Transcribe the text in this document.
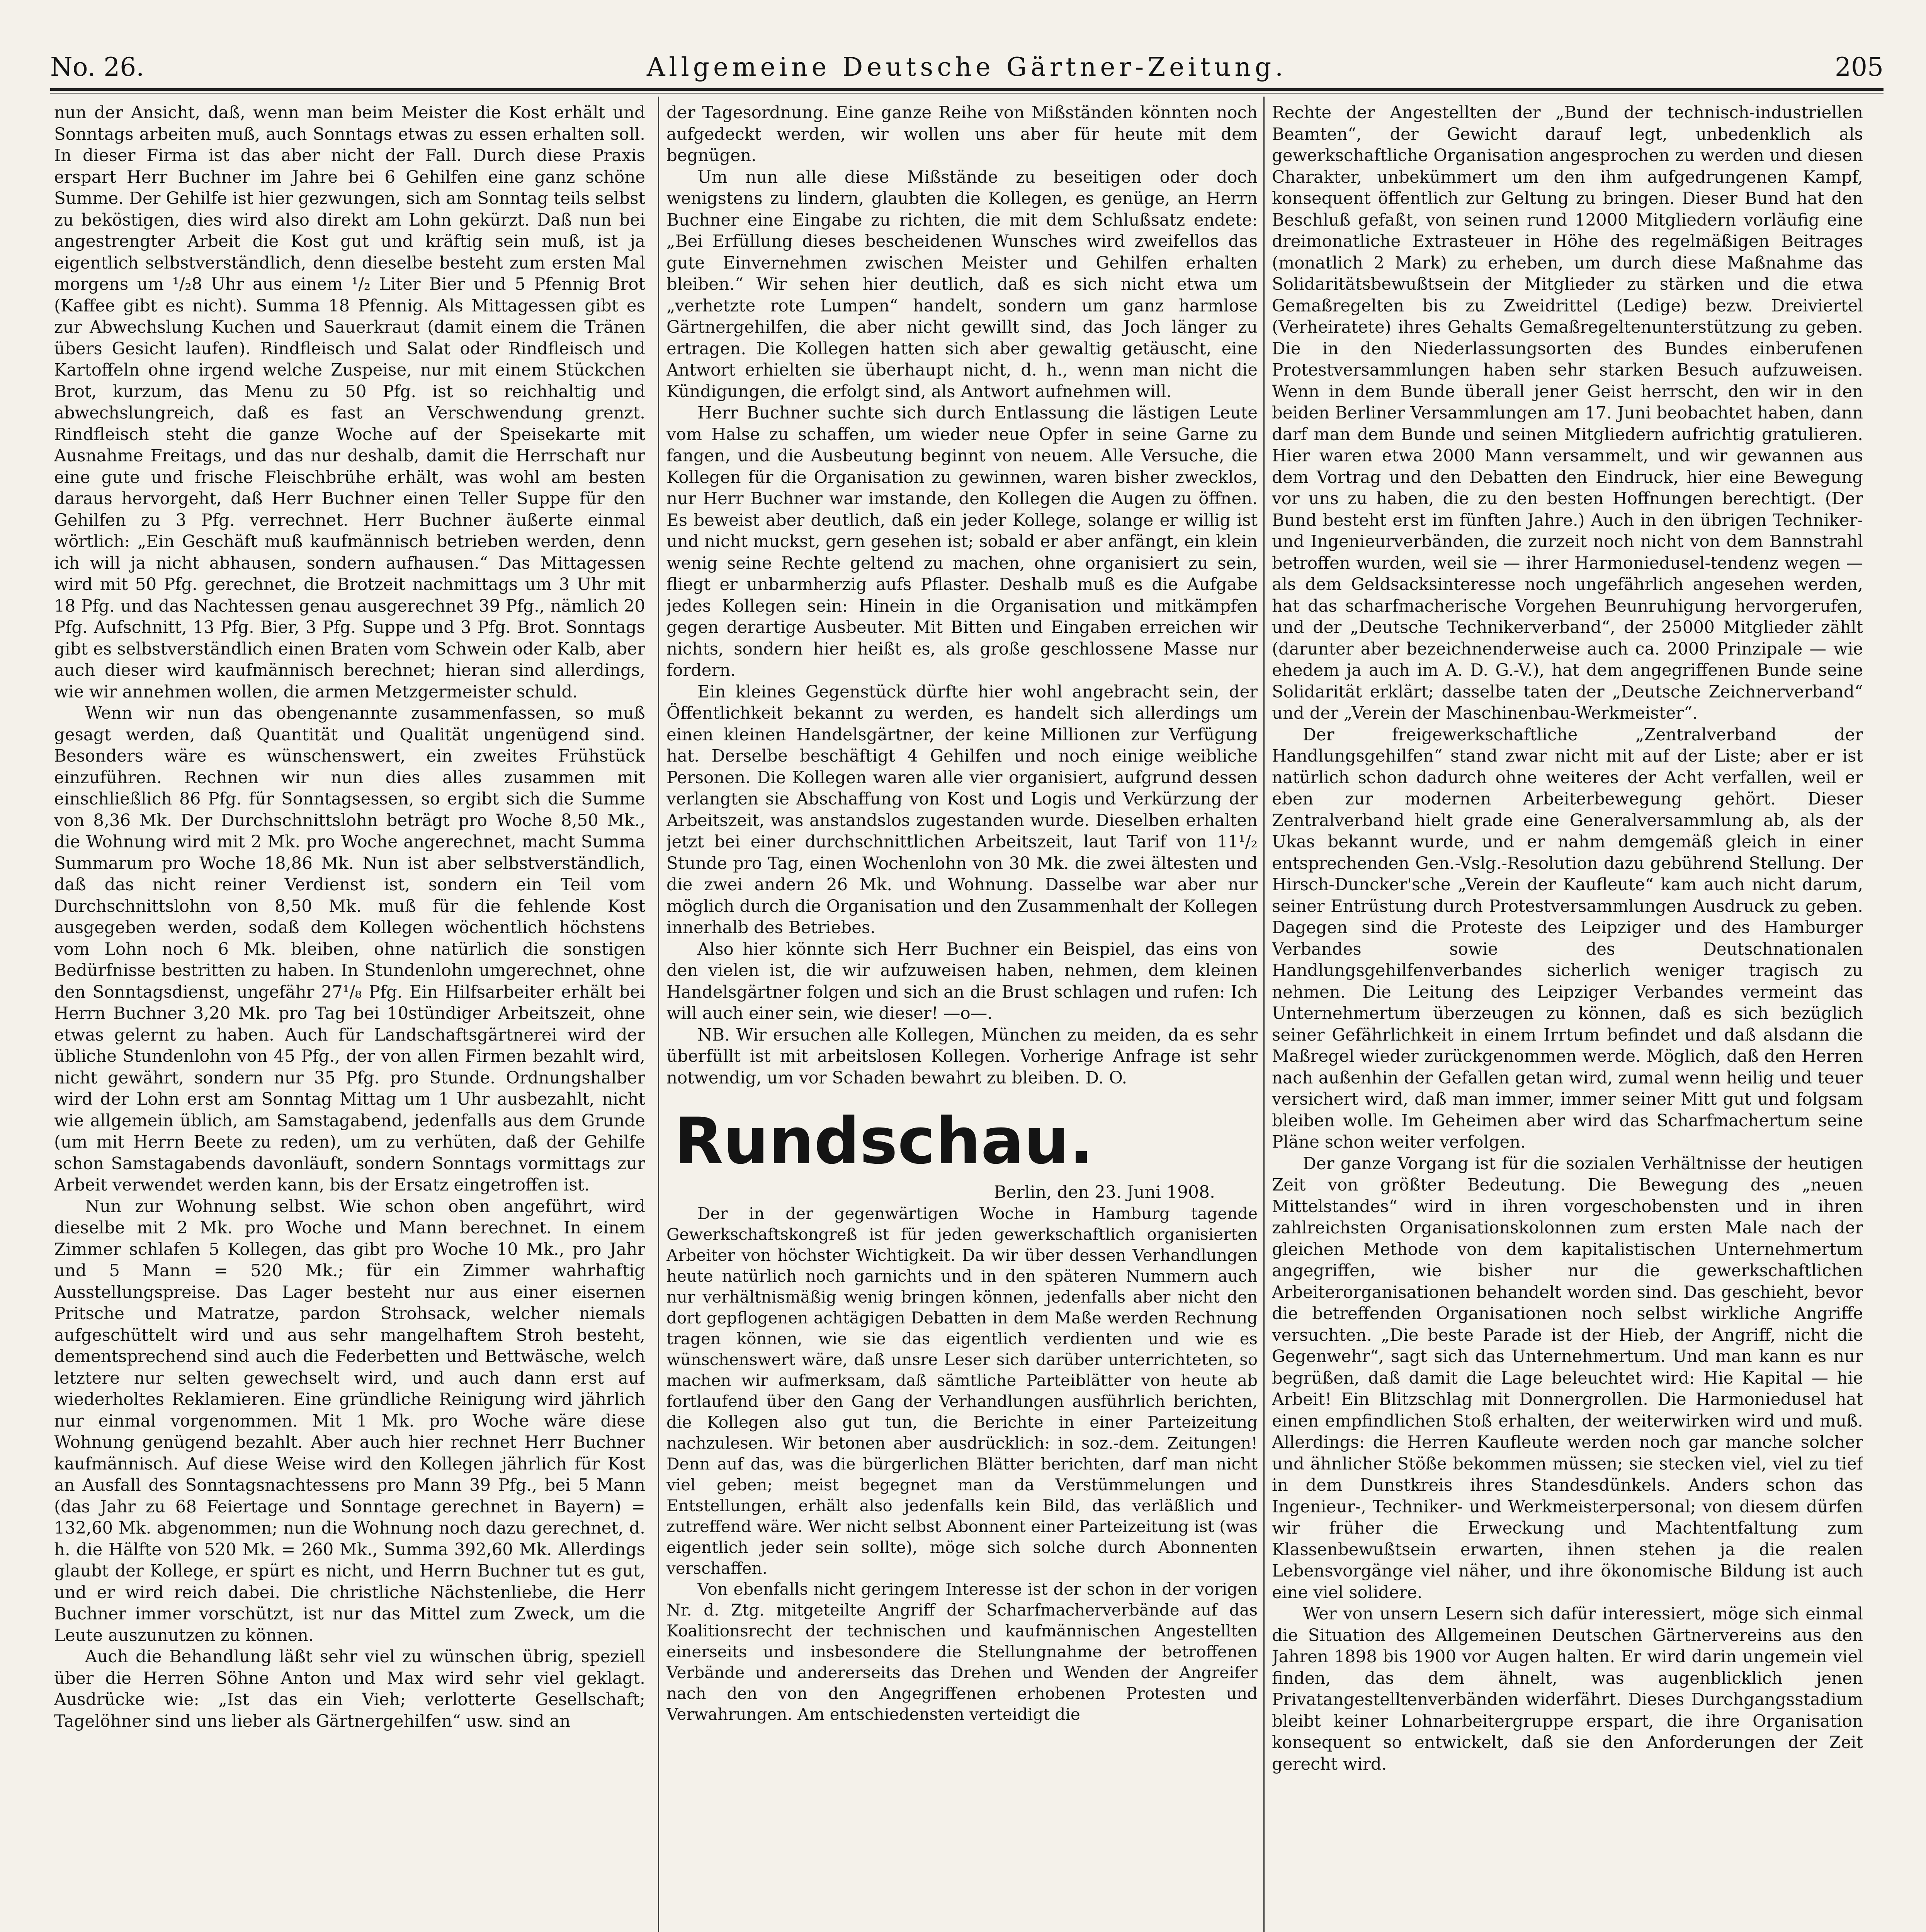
No. 26.	Allgemeine Deutsche Gärtner-Zeitung.	205

nun der Ansicht, daß, wenn man beim Meister die Kost erhält und Sonntags arbeiten muß, auch Sonntags etwas zu essen erhalten soll. In dieser Firma ist das aber nicht der Fall. Durch diese Praxis erspart Herr Buchner im Jahre bei 6 Gehilfen eine ganz schöne Summe. Der Gehilfe ist hier gezwungen, sich am Sonntag teils selbst zu beköstigen, dies wird also direkt am Lohn gekürzt. Daß nun bei angestrengter Arbeit die Kost gut und kräftig sein muß, ist ja eigentlich selbstverständlich, denn dieselbe besteht zum ersten Mal morgens um ¹/₂8 Uhr aus einem ¹/₂ Liter Bier und 5 Pfennig Brot (Kaffee gibt es nicht). Summa 18 Pfennig. Als Mittagessen gibt es zur Abwechslung Kuchen und Sauerkraut (damit einem die Tränen übers Gesicht laufen). Rindfleisch und Salat oder Rindfleisch und Kartoffeln ohne irgend welche Zuspeise, nur mit einem Stückchen Brot, kurzum, das Menu zu 50 Pfg. ist so reichhaltig und abwechslungreich, daß es fast an Verschwendung grenzt. Rindfleisch steht die ganze Woche auf der Speisekarte mit Ausnahme Freitags, und das nur deshalb, damit die Herrschaft nur eine gute und frische Fleischbrühe erhält, was wohl am besten daraus hervorgeht, daß Herr Buchner einen Teller Suppe für den Gehilfen zu 3 Pfg. verrechnet. Herr Buchner äußerte einmal wörtlich: „Ein Geschäft muß kaufmännisch betrieben werden, denn ich will ja nicht abhausen, sondern aufhausen.“ Das Mittagessen wird mit 50 Pfg. gerechnet, die Brotzeit nachmittags um 3 Uhr mit 18 Pfg. und das Nachtessen genau ausgerechnet 39 Pfg., nämlich 20 Pfg. Aufschnitt, 13 Pfg. Bier, 3 Pfg. Suppe und 3 Pfg. Brot. Sonntags gibt es selbstverständlich einen Braten vom Schwein oder Kalb, aber auch dieser wird kaufmännisch berechnet; hieran sind allerdings, wie wir annehmen wollen, die armen Metzgermeister schuld.

Wenn wir nun das obengenannte zusammenfassen, so muß gesagt werden, daß Quantität und Qualität ungenügend sind. Besonders wäre es wünschenswert, ein zweites Frühstück einzuführen. Rechnen wir nun dies alles zusammen mit einschließlich 86 Pfg. für Sonntagsessen, so ergibt sich die Summe von 8,36 Mk. Der Durchschnittslohn beträgt pro Woche 8,50 Mk., die Wohnung wird mit 2 Mk. pro Woche angerechnet, macht Summa Summarum pro Woche 18,86 Mk. Nun ist aber selbstverständlich, daß das nicht reiner Verdienst ist, sondern ein Teil vom Durchschnittslohn von 8,50 Mk. muß für die fehlende Kost ausgegeben werden, sodaß dem Kollegen wöchentlich höchstens vom Lohn noch 6 Mk. bleiben, ohne natürlich die sonstigen Bedürfnisse bestritten zu haben. In Stundenlohn umgerechnet, ohne den Sonntagsdienst, ungefähr 27¹/₈ Pfg. Ein Hilfsarbeiter erhält bei Herrn Buchner 3,20 Mk. pro Tag bei 10stündiger Arbeitszeit, ohne etwas gelernt zu haben. Auch für Landschaftsgärtnerei wird der übliche Stundenlohn von 45 Pfg., der von allen Firmen bezahlt wird, nicht gewährt, sondern nur 35 Pfg. pro Stunde. Ordnungshalber wird der Lohn erst am Sonntag Mittag um 1 Uhr ausbezahlt, nicht wie allgemein üblich, am Samstagabend, jedenfalls aus dem Grunde (um mit Herrn Beete zu reden), um zu verhüten, daß der Gehilfe schon Samstagabends davonläuft, sondern Sonntags vormittags zur Arbeit verwendet werden kann, bis der Ersatz eingetroffen ist.

Nun zur Wohnung selbst. Wie schon oben angeführt, wird dieselbe mit 2 Mk. pro Woche und Mann berechnet. In einem Zimmer schlafen 5 Kollegen, das gibt pro Woche 10 Mk., pro Jahr und 5 Mann = 520 Mk.; für ein Zimmer wahrhaftig Ausstellungspreise. Das Lager besteht nur aus einer eisernen Pritsche und Matratze, pardon Strohsack, welcher niemals aufgeschüttelt wird und aus sehr mangelhaftem Stroh besteht, dementsprechend sind auch die Federbetten und Bettwäsche, welch letztere nur selten gewechselt wird, und auch dann erst auf wiederholtes Reklamieren. Eine gründliche Reinigung wird jährlich nur einmal vorgenommen. Mit 1 Mk. pro Woche wäre diese Wohnung genügend bezahlt. Aber auch hier rechnet Herr Buchner kaufmännisch. Auf diese Weise wird den Kollegen jährlich für Kost an Ausfall des Sonntagsnachtessens pro Mann 39 Pfg., bei 5 Mann (das Jahr zu 68 Feiertage und Sonntage gerechnet in Bayern) = 132,60 Mk. abgenommen; nun die Wohnung noch dazu gerechnet, d. h. die Hälfte von 520 Mk. = 260 Mk., Summa 392,60 Mk. Allerdings glaubt der Kollege, er spürt es nicht, und Herrn Buchner tut es gut, und er wird reich dabei. Die christliche Nächstenliebe, die Herr Buchner immer vorschützt, ist nur das Mittel zum Zweck, um die Leute auszunutzen zu können.

Auch die Behandlung läßt sehr viel zu wünschen übrig, speziell über die Herren Söhne Anton und Max wird sehr viel geklagt. Ausdrücke wie: „Ist das ein Vieh; verlotterte Gesellschaft; Tagelöhner sind uns lieber als Gärtnergehilfen“ usw. sind an

der Tagesordnung. Eine ganze Reihe von Mißständen könnten noch aufgedeckt werden, wir wollen uns aber für heute mit dem begnügen.

Um nun alle diese Mißstände zu beseitigen oder doch wenigstens zu lindern, glaubten die Kollegen, es genüge, an Herrn Buchner eine Eingabe zu richten, die mit dem Schlußsatz endete: „Bei Erfüllung dieses bescheidenen Wunsches wird zweifellos das gute Einvernehmen zwischen Meister und Gehilfen erhalten bleiben.“ Wir sehen hier deutlich, daß es sich nicht etwa um „verhetzte rote Lumpen“ handelt, sondern um ganz harmlose Gärtnergehilfen, die aber nicht gewillt sind, das Joch länger zu ertragen. Die Kollegen hatten sich aber gewaltig getäuscht, eine Antwort erhielten sie überhaupt nicht, d. h., wenn man nicht die Kündigungen, die erfolgt sind, als Antwort aufnehmen will.

Herr Buchner suchte sich durch Entlassung die lästigen Leute vom Halse zu schaffen, um wieder neue Opfer in seine Garne zu fangen, und die Ausbeutung beginnt von neuem. Alle Versuche, die Kollegen für die Organisation zu gewinnen, waren bisher zwecklos, nur Herr Buchner war imstande, den Kollegen die Augen zu öffnen. Es beweist aber deutlich, daß ein jeder Kollege, solange er willig ist und nicht muckst, gern gesehen ist; sobald er aber anfängt, ein klein wenig seine Rechte geltend zu machen, ohne organisiert zu sein, fliegt er unbarmherzig aufs Pflaster. Deshalb muß es die Aufgabe jedes Kollegen sein: Hinein in die Organisation und mitkämpfen gegen derartige Ausbeuter. Mit Bitten und Eingaben erreichen wir nichts, sondern hier heißt es, als große geschlossene Masse nur fordern.

Ein kleines Gegenstück dürfte hier wohl angebracht sein, der Öffentlichkeit bekannt zu werden, es handelt sich allerdings um einen kleinen Handelsgärtner, der keine Millionen zur Verfügung hat. Derselbe beschäftigt 4 Gehilfen und noch einige weibliche Personen. Die Kollegen waren alle vier organisiert, aufgrund dessen verlangten sie Abschaffung von Kost und Logis und Verkürzung der Arbeitszeit, was anstandslos zugestanden wurde. Dieselben erhalten jetzt bei einer durchschnittlichen Arbeitszeit, laut Tarif von 11¹/₂ Stunde pro Tag, einen Wochenlohn von 30 Mk. die zwei ältesten und die zwei andern 26 Mk. und Wohnung. Dasselbe war aber nur möglich durch die Organisation und den Zusammenhalt der Kollegen innerhalb des Betriebes.

Also hier könnte sich Herr Buchner ein Beispiel, das eins von den vielen ist, die wir aufzuweisen haben, nehmen, dem kleinen Handelsgärtner folgen und sich an die Brust schlagen und rufen: Ich will auch einer sein, wie dieser! —o—.

NB. Wir ersuchen alle Kollegen, München zu meiden, da es sehr überfüllt ist mit arbeitslosen Kollegen. Vorherige Anfrage ist sehr notwendig, um vor Schaden bewahrt zu bleiben. D. O.

Rundschau.

Berlin, den 23. Juni 1908.

Der in der gegenwärtigen Woche in Hamburg tagende Gewerkschaftskongreß ist für jeden gewerkschaftlich organisierten Arbeiter von höchster Wichtigkeit. Da wir über dessen Verhandlungen heute natürlich noch garnichts und in den späteren Nummern auch nur verhältnismäßig wenig bringen können, jedenfalls aber nicht den dort gepflogenen achtägigen Debatten in dem Maße werden Rechnung tragen können, wie sie das eigentlich verdienten und wie es wünschenswert wäre, daß unsre Leser sich darüber unterrichteten, so machen wir aufmerksam, daß sämtliche Parteiblätter von heute ab fortlaufend über den Gang der Verhandlungen ausführlich berichten, die Kollegen also gut tun, die Berichte in einer Parteizeitung nachzulesen. Wir betonen aber ausdrücklich: in soz.-dem. Zeitungen! Denn auf das, was die bürgerlichen Blätter berichten, darf man nicht viel geben; meist begegnet man da Verstümmelungen und Entstellungen, erhält also jedenfalls kein Bild, das verläßlich und zutreffend wäre. Wer nicht selbst Abonnent einer Parteizeitung ist (was eigentlich jeder sein sollte), möge sich solche durch Abonnenten verschaffen.

Von ebenfalls nicht geringem Interesse ist der schon in der vorigen Nr. d. Ztg. mitgeteilte Angriff der Scharfmacherverbände auf das Koalitionsrecht der technischen und kaufmännischen Angestellten einerseits und insbesondere die Stellungnahme der betroffenen Verbände und andererseits das Drehen und Wenden der Angreifer nach den von den Angegriffenen erhobenen Protesten und Verwahrungen. Am entschiedensten verteidigt die

Rechte der Angestellten der „Bund der technisch-industriellen Beamten“, der Gewicht darauf legt, unbedenklich als gewerkschaftliche Organisation angesprochen zu werden und diesen Charakter, unbekümmert um den ihm aufgedrungenen Kampf, konsequent öffentlich zur Geltung zu bringen. Dieser Bund hat den Beschluß gefaßt, von seinen rund 12000 Mitgliedern vorläufig eine dreimonatliche Extrasteuer in Höhe des regelmäßigen Beitrages (monatlich 2 Mark) zu erheben, um durch diese Maßnahme das Solidaritätsbewußtsein der Mitglieder zu stärken und die etwa Gemaßregelten bis zu Zweidrittel (Ledige) bezw. Dreiviertel (Verheiratete) ihres Gehalts Gemaßregeltenunterstützung zu geben. Die in den Niederlassungsorten des Bundes einberufenen Protestversammlungen haben sehr starken Besuch aufzuweisen. Wenn in dem Bunde überall jener Geist herrscht, den wir in den beiden Berliner Versammlungen am 17. Juni beobachtet haben, dann darf man dem Bunde und seinen Mitgliedern aufrichtig gratulieren. Hier waren etwa 2000 Mann versammelt, und wir gewannen aus dem Vortrag und den Debatten den Eindruck, hier eine Bewegung vor uns zu haben, die zu den besten Hoffnungen berechtigt. (Der Bund besteht erst im fünften Jahre.) Auch in den übrigen Techniker- und Ingenieurverbänden, die zurzeit noch nicht von dem Bannstrahl betroffen wurden, weil sie — ihrer Harmoniedusel-tendenz wegen — als dem Geldsacksinteresse noch ungefährlich angesehen werden, hat das scharfmacherische Vorgehen Beunruhigung hervorgerufen, und der „Deutsche Technikerverband“, der 25000 Mitglieder zählt (darunter aber bezeichnenderweise auch ca. 2000 Prinzipale — wie ehedem ja auch im A. D. G.-V.), hat dem angegriffenen Bunde seine Solidarität erklärt; dasselbe taten der „Deutsche Zeichnerverband“ und der „Verein der Maschinenbau-Werkmeister“.

Der freigewerkschaftliche „Zentralverband der Handlungsgehilfen“ stand zwar nicht mit auf der Liste; aber er ist natürlich schon dadurch ohne weiteres der Acht verfallen, weil er eben zur modernen Arbeiterbewegung gehört. Dieser Zentralverband hielt grade eine Generalversammlung ab, als der Ukas bekannt wurde, und er nahm demgemäß gleich in einer entsprechenden Gen.-Vslg.-Resolution dazu gebührend Stellung. Der Hirsch-Duncker'sche „Verein der Kaufleute“ kam auch nicht darum, seiner Entrüstung durch Protestversammlungen Ausdruck zu geben. Dagegen sind die Proteste des Leipziger und des Hamburger Verbandes sowie des Deutschnationalen Handlungsgehilfenverbandes sicherlich weniger tragisch zu nehmen. Die Leitung des Leipziger Verbandes vermeint das Unternehmertum überzeugen zu können, daß es sich bezüglich seiner Gefährlichkeit in einem Irrtum befindet und daß alsdann die Maßregel wieder zurückgenommen werde. Möglich, daß den Herren nach außenhin der Gefallen getan wird, zumal wenn heilig und teuer versichert wird, daß man immer, immer seiner Mitt gut und folgsam bleiben wolle. Im Geheimen aber wird das Scharfmachertum seine Pläne schon weiter verfolgen.

Der ganze Vorgang ist für die sozialen Verhältnisse der heutigen Zeit von größter Bedeutung. Die Bewegung des „neuen Mittelstandes“ wird in ihren vorgeschobensten und in ihren zahlreichsten Organisationskolonnen zum ersten Male nach der gleichen Methode von dem kapitalistischen Unternehmertum angegriffen, wie bisher nur die gewerkschaftlichen Arbeiterorganisationen behandelt worden sind. Das geschieht, bevor die betreffenden Organisationen noch selbst wirkliche Angriffe versuchten. „Die beste Parade ist der Hieb, der Angriff, nicht die Gegenwehr“, sagt sich das Unternehmertum. Und man kann es nur begrüßen, daß damit die Lage beleuchtet wird: Hie Kapital — hie Arbeit! Ein Blitzschlag mit Donnergrollen. Die Harmoniedusel hat einen empfindlichen Stoß erhalten, der weiterwirken wird und muß. Allerdings: die Herren Kaufleute werden noch gar manche solcher und ähnlicher Stöße bekommen müssen; sie stecken viel, viel zu tief in dem Dunstkreis ihres Standesdünkels. Anders schon das Ingenieur-, Techniker- und Werkmeisterpersonal; von diesem dürfen wir früher die Erweckung und Machtentfaltung zum Klassenbewußtsein erwarten, ihnen stehen ja die realen Lebensvorgänge viel näher, und ihre ökonomische Bildung ist auch eine viel solidere.

Wer von unsern Lesern sich dafür interessiert, möge sich einmal die Situation des Allgemeinen Deutschen Gärtnervereins aus den Jahren 1898 bis 1900 vor Augen halten. Er wird darin ungemein viel finden, das dem ähnelt, was augenblicklich jenen Privatangestelltenverbänden widerfährt. Dieses Durchgangsstadium bleibt keiner Lohnarbeitergruppe erspart, die ihre Organisation konsequent so entwickelt, daß sie den Anforderungen der Zeit gerecht wird.
